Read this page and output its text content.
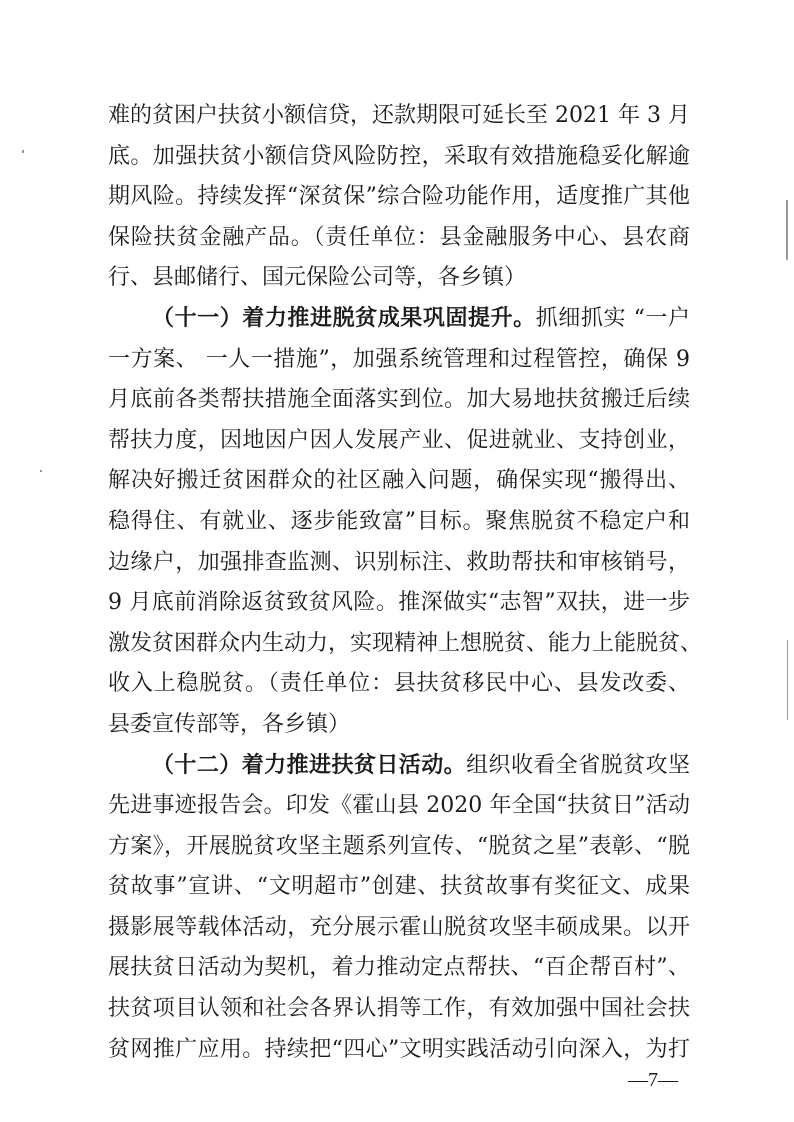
难的贫困户扶贫小额信贷，还款期限可延长至 2021 年 3 月
底。加强扶贫小额信贷风险防控，采取有效措施稳妥化解逾
期风险。持续发挥“深贫保”综合险功能作用，适度推广其他
保险扶贫金融产品。（责任单位：县金融服务中心、县农商
行、县邮储行、国元保险公司等，各乡镇）
（十一）着力推进脱贫成果巩固提升。抓细抓实 “一户
一方案、 一人一措施”，加强系统管理和过程管控，确保 9
月底前各类帮扶措施全面落实到位。加大易地扶贫搬迁后续
帮扶力度，因地因户因人发展产业、促进就业、支持创业，
解决好搬迁贫困群众的社区融入问题，确保实现“搬得出、
稳得住、有就业、逐步能致富”目标。聚焦脱贫不稳定户和
边缘户，加强排查监测、识别标注、救助帮扶和审核销号，
9 月底前消除返贫致贫风险。推深做实“志智”双扶，进一步
激发贫困群众内生动力，实现精神上想脱贫、能力上能脱贫、
收入上稳脱贫。（责任单位：县扶贫移民中心、县发改委、
县委宣传部等，各乡镇）
（十二）着力推进扶贫日活动。组织收看全省脱贫攻坚
先进事迹报告会。印发《霍山县 2020 年全国“扶贫日”活动
方案》，开展脱贫攻坚主题系列宣传、“脱贫之星”表彰、“脱
贫故事”宣讲、“文明超市”创建、扶贫故事有奖征文、成果
摄影展等载体活动，充分展示霍山脱贫攻坚丰硕成果。以开
展扶贫日活动为契机，着力推动定点帮扶、“百企帮百村”、
扶贫项目认领和社会各界认捐等工作，有效加强中国社会扶
贫网推广应用。持续把“四心”文明实践活动引向深入，为打
—7—
